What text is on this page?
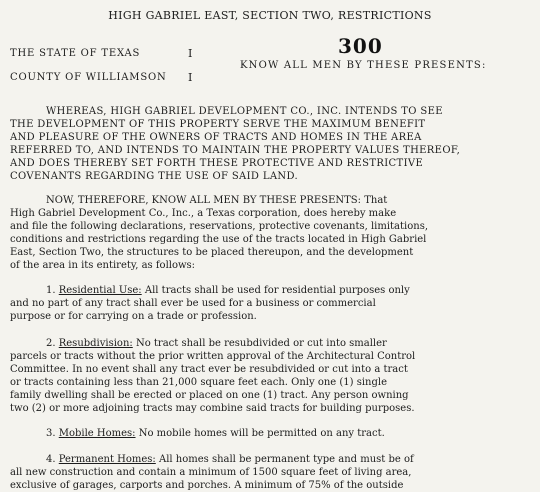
HIGH GABRIEL EAST, SECTION TWO, RESTRICTIONS
300
THE STATE OF TEXAS	I
COUNTY OF WILLIAMSON I
KNOW ALL MEN BY THESE PRESENTS:
WHEREAS, HIGH GABRIEL DEVELOPMENT CO., INC. INTENDS TO SEE
THE DEVELOPMENT OF THIS PROPERTY SERVE THE MAXIMUM BENEFIT
AND PLEASURE OF THE OWNERS OF TRACTS AND HOMES IN THE AREA
REFERRED TO, AND INTENDS TO MAINTAIN THE PROPERTY VALUES THEREOF,
AND DOES THEREBY SET FORTH THESE PROTECTIVE AND RESTRICTIVE
COVENANTS REGARDING THE USE OF SAID LAND.
NOW, THEREFORE, KNOW ALL MEN BY THESE PRESENTS: That
High Gabriel Development Co., Inc., a Texas corporation, does hereby make
and file the following declarations, reservations, protective covenants, limitations,
conditions and restrictions regarding the use of the tracts located in High Gabriel
East, Section Two, the structures to be placed thereupon, and the development
of the area in its entirety, as follows:
1. Residential Use: All tracts shall be used for residential purposes only
and no part of any tract shall ever be used for a business or commercial
purpose or for carrying on a trade or profession.
2. Resubdivision: No tract shall be resubdivided or cut into smaller
parcels or tracts without the prior written approval of the Architectural Control
Committee. In no event shall any tract ever be resubdivided or cut into a tract
or tracts containing less than 21,000 square feet each. Only one (1) single
family dwelling shall be erected or placed on one (1) tract. Any person owning
two (2) or more adjoining tracts may combine said tracts for building purposes.
3. Mobile Homes: No mobile homes will be permitted on any tract.
4. Permanent Homes: All homes shall be permanent type and must be of
all new construction and contain a minimum of 1500 square feet of living area,
exclusive of garages, carports and porches. A minimum of 75% of the outside
